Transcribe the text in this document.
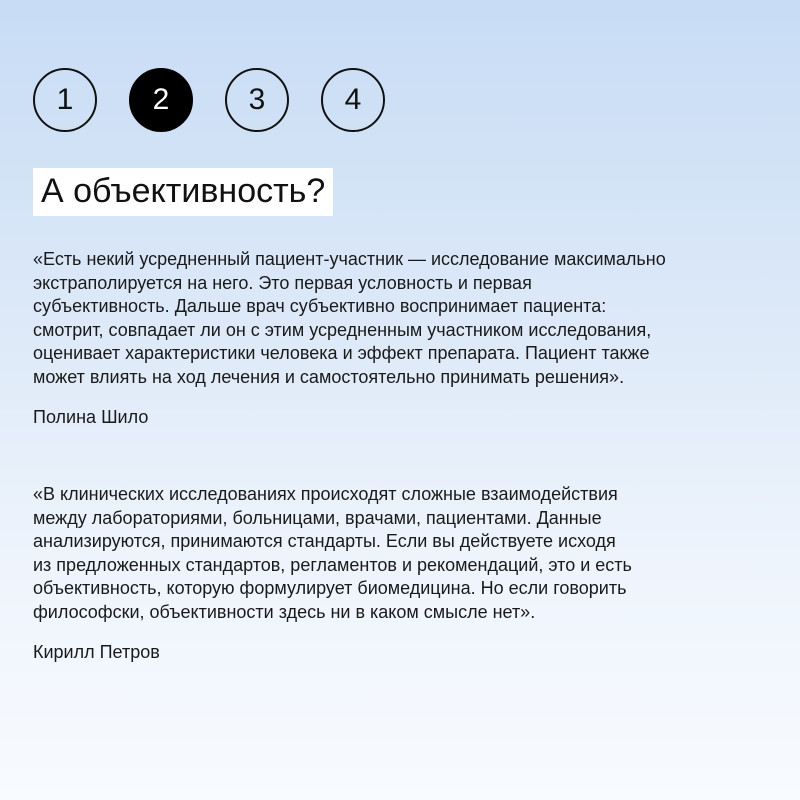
1	2	3	4
А объективность?

«Есть некий усредненный пациент-участник — исследование максимально

экстраполируется на него. Это первая условность и первая

субъективность. Дальше врач субъективно воспринимает пациента:

смотрит, совпадает ли он с этим усредненным участником исследования,

оценивает характеристики человека и эффект препарата. Пациент также

может влиять на ход лечения и самостоятельно принимать решения».

Полина Шило

«В клинических исследованиях происходят сложные взаимодействия

между лабораториями, больницами, врачами, пациентами. Данные

анализируются, принимаются стандарты. Если вы действуете исходя

из предложенных стандартов, регламентов и рекомендаций, это и есть

объективность, которую формулирует биомедицина. Но если говорить

философски, объективности здесь ни в каком смысле нет».

Кирилл Петров
